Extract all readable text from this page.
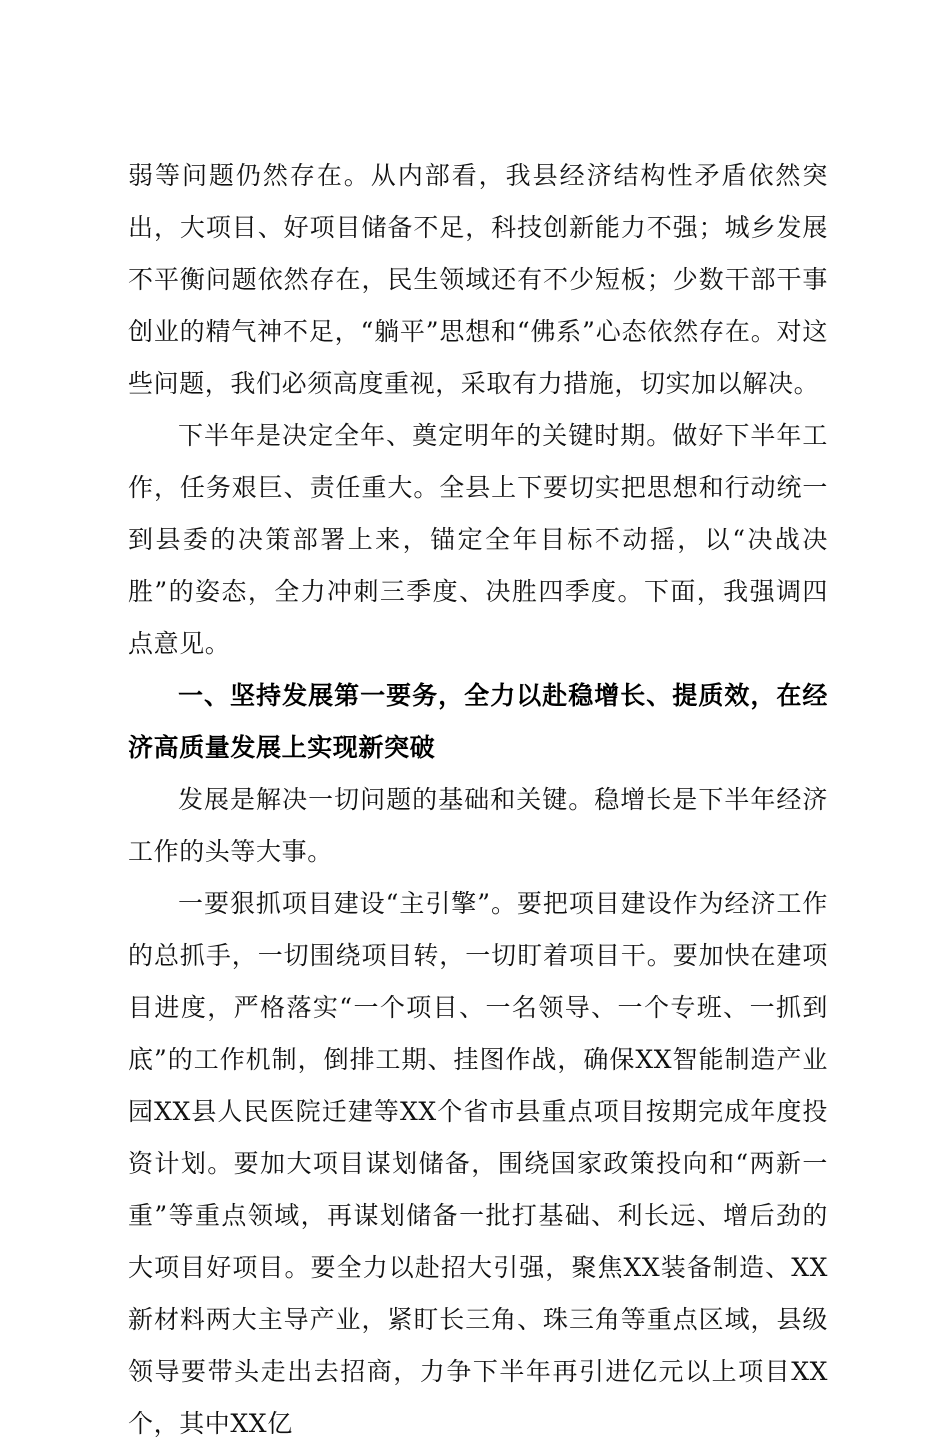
弱等问题仍然存在。从内部看，我县经济结构性矛盾依然突出，大项目、好项目储备不足，科技创新能力不强；城乡发展不平衡问题依然存在，民生领域还有不少短板；少数干部干事创业的精气神不足，“躺平”思想和“佛系”心态依然存在。对这些问题，我们必须高度重视，采取有力措施，切实加以解决。

下半年是决定全年、奠定明年的关键时期。做好下半年工作，任务艰巨、责任重大。全县上下要切实把思想和行动统一到县委的决策部署上来，锚定全年目标不动摇，以“决战决胜”的姿态，全力冲刺三季度、决胜四季度。下面，我强调四点意见。

一、坚持发展第一要务，全力以赴稳增长、提质效，在经济高质量发展上实现新突破

发展是解决一切问题的基础和关键。稳增长是下半年经济工作的头等大事。

一要狠抓项目建设“主引擎”。要把项目建设作为经济工作的总抓手，一切围绕项目转，一切盯着项目干。要加快在建项目进度，严格落实“一个项目、一名领导、一个专班、一抓到底”的工作机制，倒排工期、挂图作战，确保XX智能制造产业园XX县人民医院迁建等XX个省市县重点项目按期完成年度投资计划。要加大项目谋划储备，围绕国家政策投向和“两新一重”等重点领域，再谋划储备一批打基础、利长远、增后劲的大项目好项目。要全力以赴招大引强，聚焦XX装备制造、XX新材料两大主导产业，紧盯长三角、珠三角等重点区域，县级领导要带头走出去招商，力争下半年再引进亿元以上项目XX个，其中XX亿
